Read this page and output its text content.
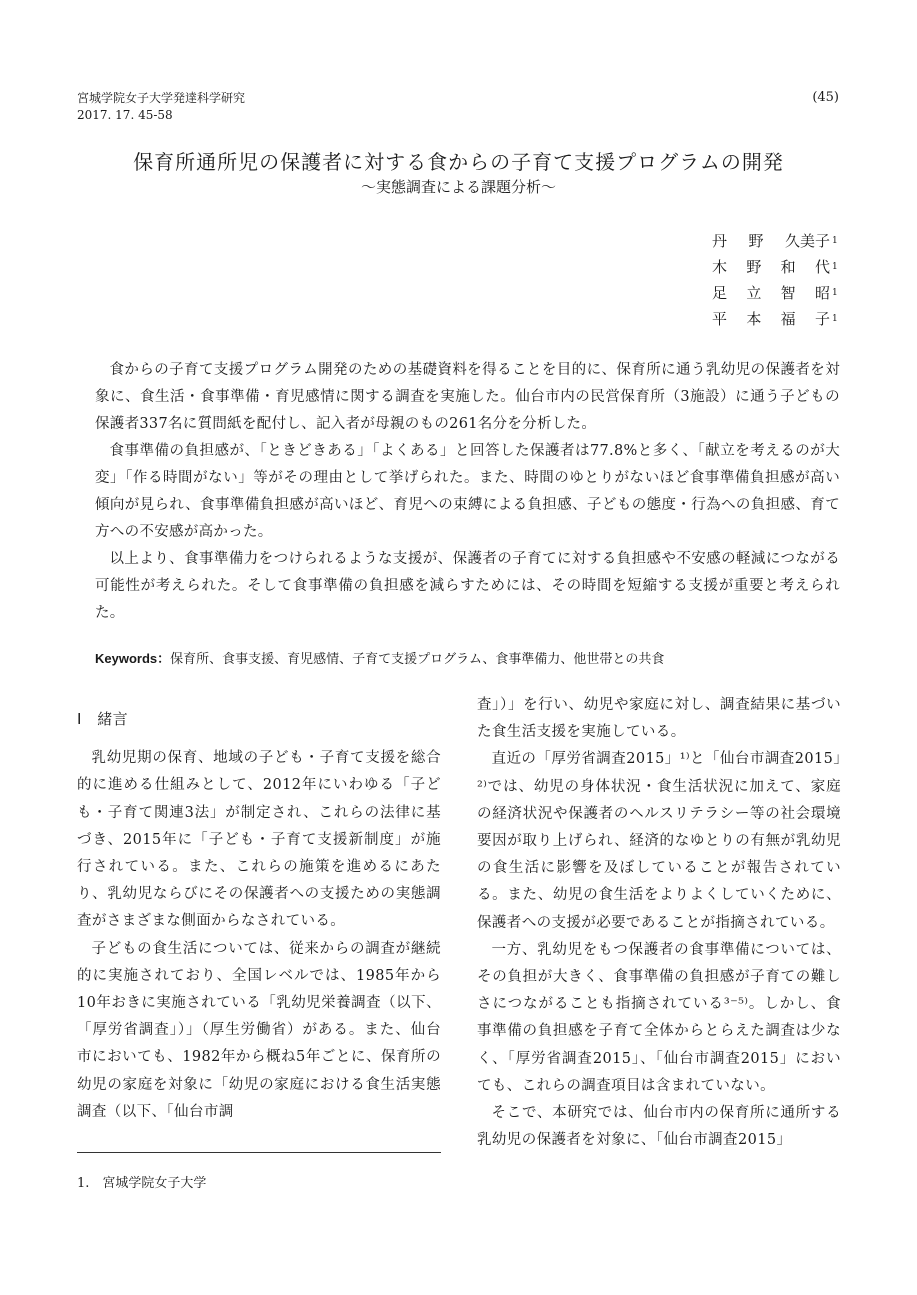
宮城学院女子大学発達科学研究
2017. 17. 45-58
(45)
保育所通所児の保護者に対する食からの子育て支援プログラムの開発
〜実態調査による課題分析〜
丹 野 久美子 1
木 野 和 代 1
足 立 智 昭 1
平 本 福 子 1

食からの子育て支援プログラム開発のための基礎資料を得ることを目的に、保育所に通う乳幼児の保護者を対象に、食生活・食事準備・育児感情に関する調査を実施した。仙台市内の民営保育所（3施設）に通う子どもの保護者337名に質問紙を配付し、記入者が母親のもの261名分を分析した。

食事準備の負担感が、「ときどきある」「よくある」と回答した保護者は77.8%と多く、「献立を考えるのが大変」「作る時間がない」等がその理由として挙げられた。また、時間のゆとりがないほど食事準備負担感が高い傾向が見られ、食事準備負担感が高いほど、育児への束縛による負担感、子どもの態度・行為への負担感、育て方への不安感が高かった。

以上より、食事準備力をつけられるような支援が、保護者の子育てに対する負担感や不安感の軽減につながる可能性が考えられた。そして食事準備の負担感を減らすためには、その時間を短縮する支援が重要と考えられた。

Keywords：保育所、食事支援、育児感情、子育て支援プログラム、食事準備力、他世帯との共食
Ⅰ　緒言

乳幼児期の保育、地域の子ども・子育て支援を総合的に進める仕組みとして、2012年にいわゆる「子ども・子育て関連3法」が制定され、これらの法律に基づき、2015年に「子ども・子育て支援新制度」が施行されている。また、これらの施策を進めるにあたり、乳幼児ならびにその保護者への支援ための実態調査がさまざまな側面からなされている。

子どもの食生活については、従来からの調査が継続的に実施されており、全国レベルでは、1985年から10年おきに実施されている「乳幼児栄養調査（以下、「厚労省調査」）」（厚生労働省）がある。また、仙台市においても、1982年から概ね5年ごとに、保育所の幼児の家庭を対象に「幼児の家庭における食生活実態調査（以下、「仙台市調

査」）」を行い、幼児や家庭に対し、調査結果に基づいた食生活支援を実施している。

直近の「厚労省調査2015」¹⁾と「仙台市調査2015」²⁾では、幼児の身体状況・食生活状況に加えて、家庭の経済状況や保護者のヘルスリテラシー等の社会環境要因が取り上げられ、経済的なゆとりの有無が乳幼児の食生活に影響を及ぼしていることが報告されている。また、幼児の食生活をよりよくしていくために、保護者への支援が必要であることが指摘されている。

一方、乳幼児をもつ保護者の食事準備については、その負担が大きく、食事準備の負担感が子育ての難しさにつながることも指摘されている³⁻⁵⁾。しかし、食事準備の負担感を子育て全体からとらえた調査は少なく、「厚労省調査2015」、「仙台市調査2015」においても、これらの調査項目は含まれていない。

そこで、本研究では、仙台市内の保育所に通所する乳幼児の保護者を対象に、「仙台市調査2015」

1.　宮城学院女子大学
